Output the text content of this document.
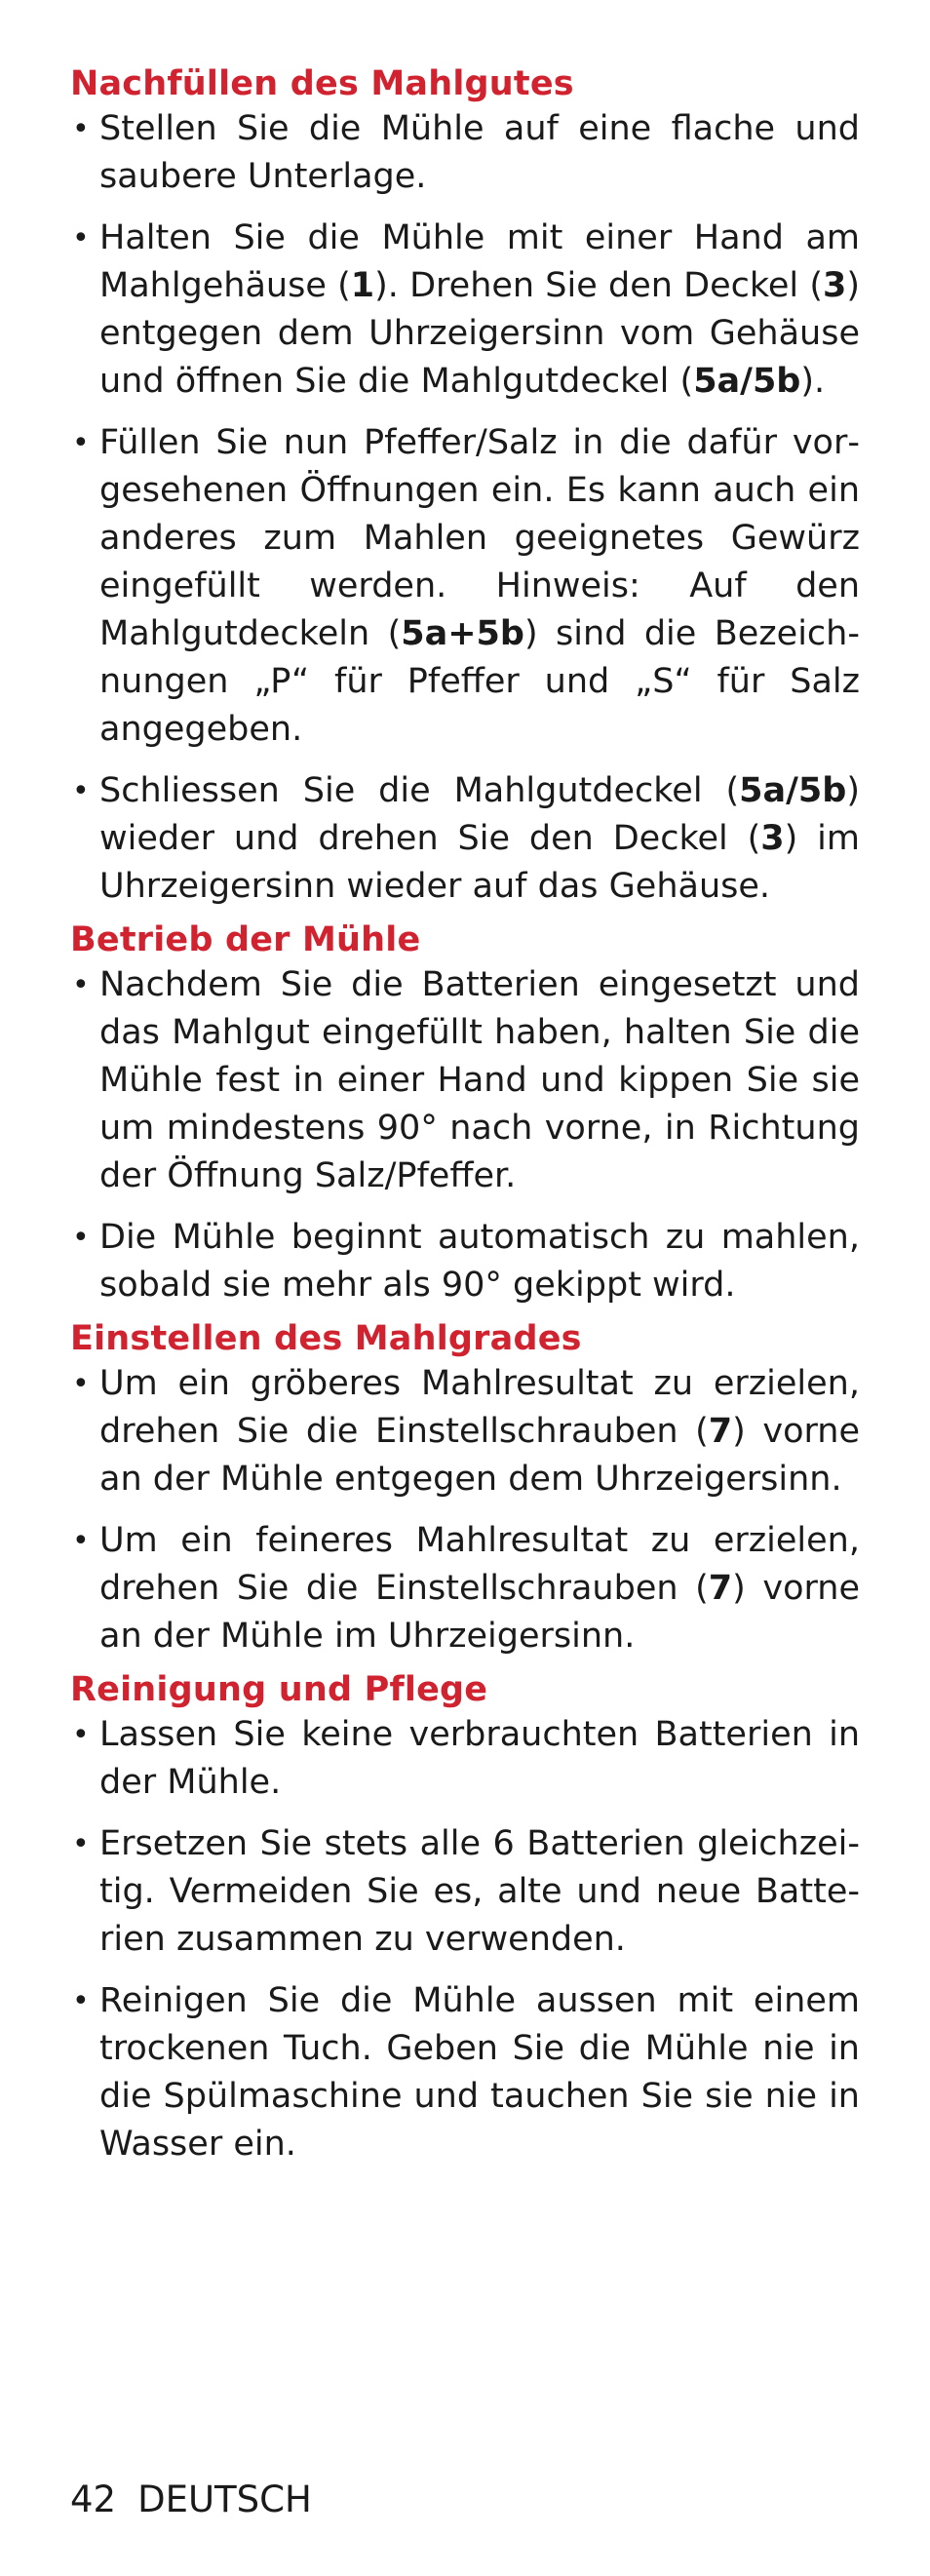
Nachfüllen des Mahlgutes
• Stellen Sie die Mühle auf eine flache und saubere Unterlage.
• Halten Sie die Mühle mit einer Hand am Mahlgehäuse (1). Drehen Sie den Deckel (3) entgegen dem Uhrzeigersinn vom Gehäuse und öffnen Sie die Mahlgutdeckel (5a/5b).
• Füllen Sie nun Pfeffer/Salz in die dafür vorgesehenen Öffnungen ein. Es kann auch ein anderes zum Mahlen geeignetes Gewürz eingefüllt werden. Hinweis: Auf den Mahlgutdeckeln (5a+5b) sind die Bezeichnungen „P“ für Pfeffer und „S“ für Salz angegeben.
• Schliessen Sie die Mahlgutdeckel (5a/5b) wieder und drehen Sie den Deckel (3) im Uhrzeigersinn wieder auf das Gehäuse.
Betrieb der Mühle
• Nachdem Sie die Batterien eingesetzt und das Mahlgut eingefüllt haben, halten Sie die Mühle fest in einer Hand und kippen Sie sie um mindestens 90° nach vorne, in Richtung der Öffnung Salz/Pfeffer.
• Die Mühle beginnt automatisch zu mahlen, sobald sie mehr als 90° gekippt wird.
Einstellen des Mahlgrades
• Um ein gröberes Mahlresultat zu erzielen, drehen Sie die Einstellschrauben (7) vorne an der Mühle entgegen dem Uhrzeigersinn.
• Um ein feineres Mahlresultat zu erzielen, drehen Sie die Einstellschrauben (7) vorne an der Mühle im Uhrzeigersinn.
Reinigung und Pflege
• Lassen Sie keine verbrauchten Batterien in der Mühle.
• Ersetzen Sie stets alle 6 Batterien gleichzeitig. Vermeiden Sie es, alte und neue Batterien zusammen zu verwenden.
• Reinigen Sie die Mühle aussen mit einem trockenen Tuch. Geben Sie die Mühle nie in die Spülmaschine und tauchen Sie sie nie in Wasser ein.
42 DEUTSCH
